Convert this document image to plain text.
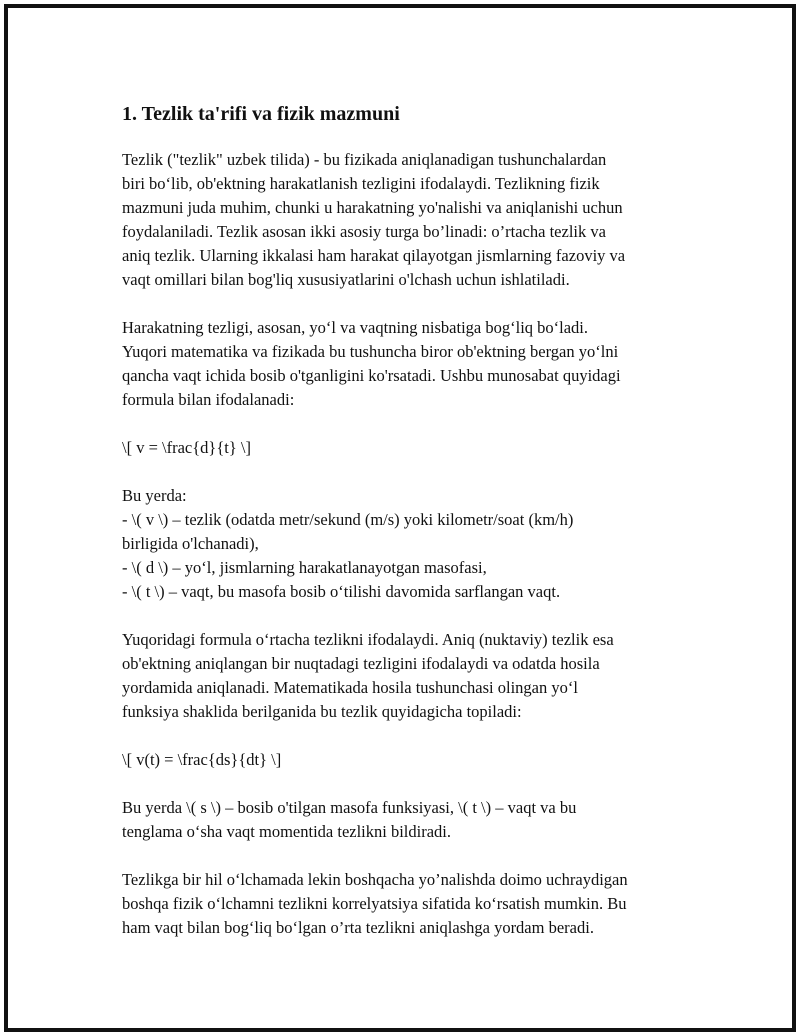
1. Tezlik ta'rifi va fizik mazmuni

Tezlik ("tezlik" uzbek tilida) - bu fizikada aniqlanadigan tushunchalardan

biri bo‘lib, ob'ektning harakatlanish tezligini ifodalaydi. Tezlikning fizik

mazmuni juda muhim, chunki u harakatning yo'nalishi va aniqlanishi uchun

foydalaniladi. Tezlik asosan ikki asosiy turga bo’linadi: o’rtacha tezlik va

aniq tezlik. Ularning ikkalasi ham harakat qilayotgan jismlarning fazoviy va

vaqt omillari bilan bog'liq xususiyatlarini o'lchash uchun ishlatiladi.

Harakatning tezligi, asosan, yo‘l va vaqtning nisbatiga bog‘liq bo‘ladi.

Yuqori matematika va fizikada bu tushuncha biror ob'ektning bergan yo‘lni

qancha vaqt ichida bosib o'tganligini ko'rsatadi. Ushbu munosabat quyidagi

formula bilan ifodalanadi:

\[ v = \frac{d}{t} \]

Bu yerda:

- \( v \) – tezlik (odatda metr/sekund (m/s) yoki kilometr/soat (km/h)

birligida o'lchanadi),

- \( d \) – yo‘l, jismlarning harakatlanayotgan masofasi,

- \( t \) – vaqt, bu masofa bosib o‘tilishi davomida sarflangan vaqt.

Yuqoridagi formula o‘rtacha tezlikni ifodalaydi. Aniq (nuktaviy) tezlik esa

ob'ektning aniqlangan bir nuqtadagi tezligini ifodalaydi va odatda hosila

yordamida aniqlanadi. Matematikada hosila tushunchasi olingan yo‘l

funksiya shaklida berilganida bu tezlik quyidagicha topiladi:

\[ v(t) = \frac{ds}{dt} \]

Bu yerda \( s \) – bosib o'tilgan masofa funksiyasi, \( t \) – vaqt va bu

tenglama o‘sha vaqt momentida tezlikni bildiradi.

Tezlikga bir hil o‘lchamada lekin boshqacha yo’nalishda doimo uchraydigan

boshqa fizik o‘lchamni tezlikni korrelyatsiya sifatida ko‘rsatish mumkin. Bu

ham vaqt bilan bog‘liq bo‘lgan o’rta tezlikni aniqlashga yordam beradi.
